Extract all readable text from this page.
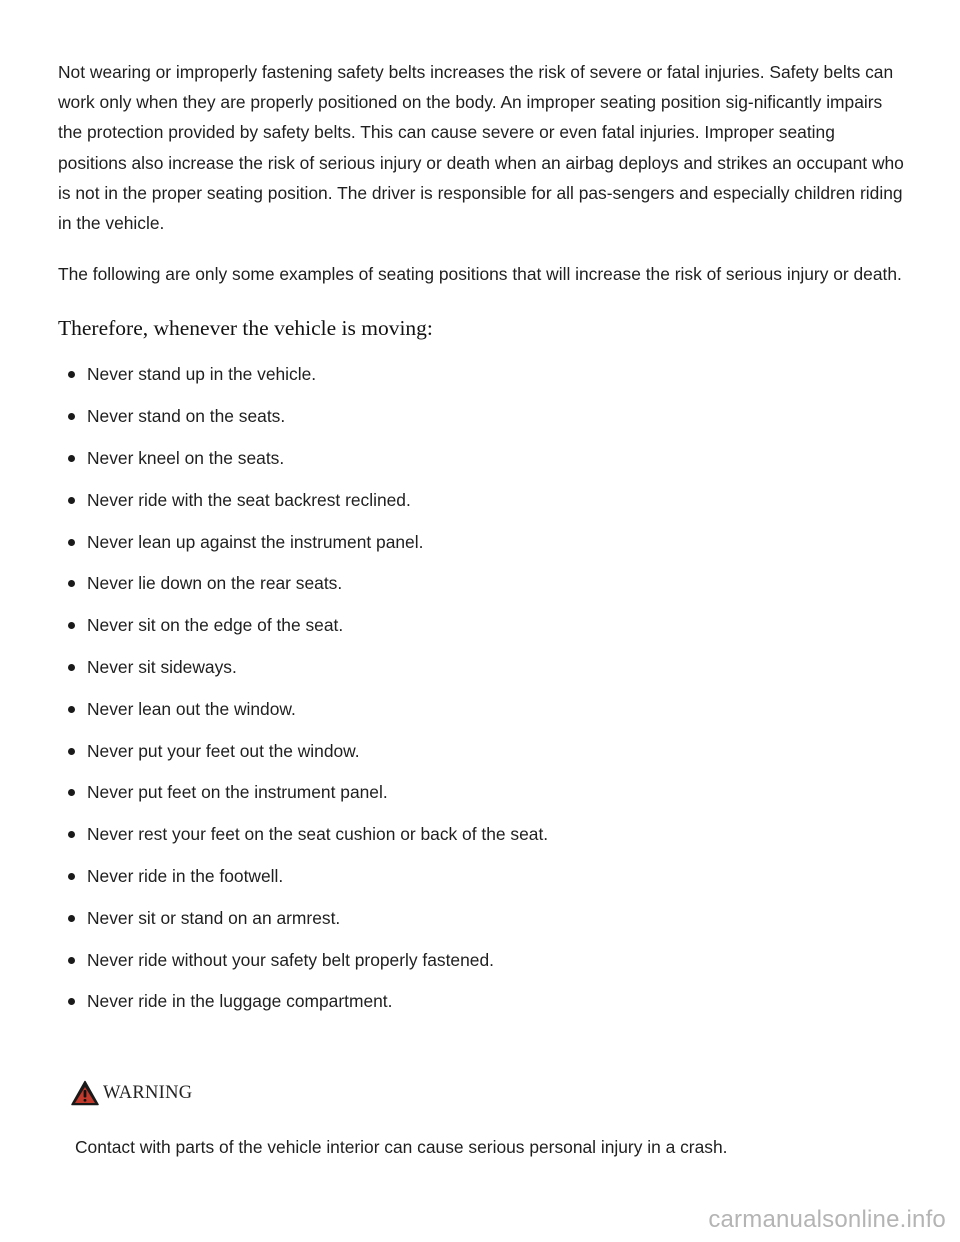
Not wearing or improperly fastening safety belts increases the risk of severe or fatal injuries. Safety belts can work only when they are properly positioned on the body. An improper seating position sig-nificantly impairs the protection provided by safety belts. This can cause severe or even fatal injuries. Improper seating positions also increase the risk of serious injury or death when an airbag deploys and strikes an occupant who is not in the proper seating position. The driver is responsible for all pas-sengers and especially children riding in the vehicle.

The following are only some examples of seating positions that will increase the risk of serious injury or death.

Therefore, whenever the vehicle is moving:
Never stand up in the vehicle.
Never stand on the seats.
Never kneel on the seats.
Never ride with the seat backrest reclined.
Never lean up against the instrument panel.
Never lie down on the rear seats.
Never sit on the edge of the seat.
Never sit sideways.
Never lean out the window.
Never put your feet out the window.
Never put feet on the instrument panel.
Never rest your feet on the seat cushion or back of the seat.
Never ride in the footwell.
Never sit or stand on an armrest.
Never ride without your safety belt properly fastened.
Never ride in the luggage compartment.
WARNING

Contact with parts of the vehicle interior can cause serious personal injury in a crash.

carmanualsonline.info
